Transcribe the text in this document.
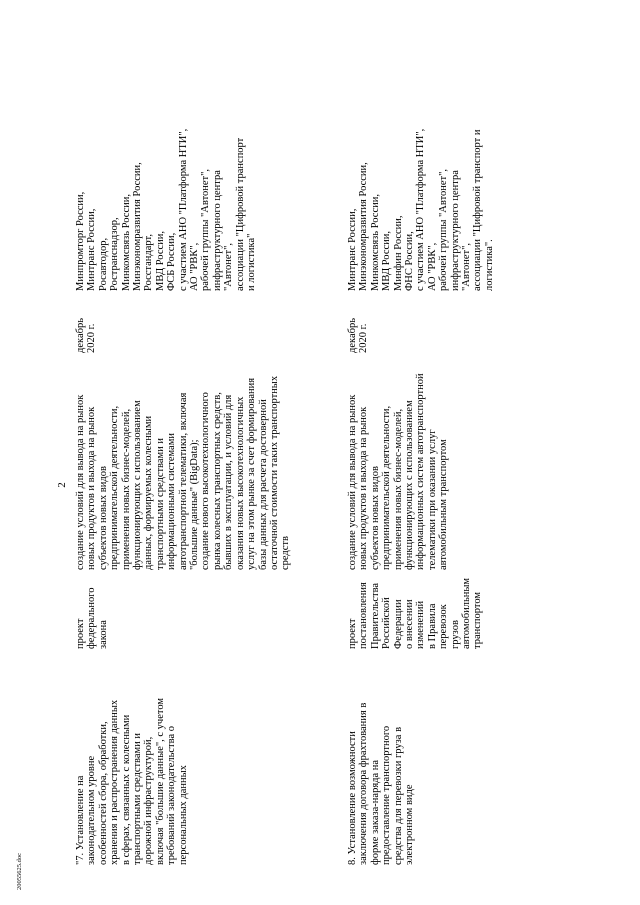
2
"7. Установление на
законодательном уровне
особенностей сбора, обработки,
хранения и распространения данных
в сферах, связанных с колесными
транспортными средствами и
дорожной инфраструктурой,
включая "большие данные", с учетом
требований законодательства о
персональных данных
проект
федерального
закона
создание условий для вывода на рынок
новых продуктов и выхода на рынок
субъектов новых видов
предпринимательской деятельности,
применения новых бизнес-моделей,
функционирующих с использованием
данных, формируемых колесными
транспортными средствами и
информационными системами
автотранспортной телематики, включая
"большие данные" (BigData);
создание нового высокотехнологичного
рынка колесных транспортных средств,
бывших в эксплуатации, и условий для
оказания новых высокотехнологичных
услуг на этом рынке за счет формирования
базы данных для расчета достоверной
остаточной стоимости таких транспортных
средств
декабрь
2020 г.
Минпромторг России,
Минтранс России,
Росавтодор,
Ространснадзор,
Минкомсвязь России,
Минэкономразвития России,
Росстандарт,
МВД России,
ФСБ России,
с участием АНО "Платформа НТИ",
АО "РВК",
рабочей группы "Автонет",
инфраструктурного центра
"Автонет",
ассоциации "Цифровой транспорт
и логистика"
8. Установление возможности
заключения договора фрахтования в
форме заказа-наряда на
предоставление транспортного
средства для перевозки груза в
электронном виде
проект
постановления
Правительства
Российской
Федерации
о внесении
изменений
в Правила
перевозок
грузов
автомобильным
транспортом
создание условий для вывода на рынок
новых продуктов и выхода на рынок
субъектов новых видов
предпринимательской деятельности,
применения новых бизнес-моделей,
функционирующих с использованием
информационных систем автотранспортной
телематики при оказании услуг
автомобильным транспортом
декабрь
2020 г.
Минтранс России,
Минэкономразвития России,
Минкомсвязь России,
МВД России,
Минфин России,
ФНС России,
с участием АНО "Платформа НТИ",
АО "РВК",
рабочей группы "Автонет",
инфраструктурного центра
"Автонет",
ассоциации "Цифровой транспорт и
логистика".
20055625.doc
